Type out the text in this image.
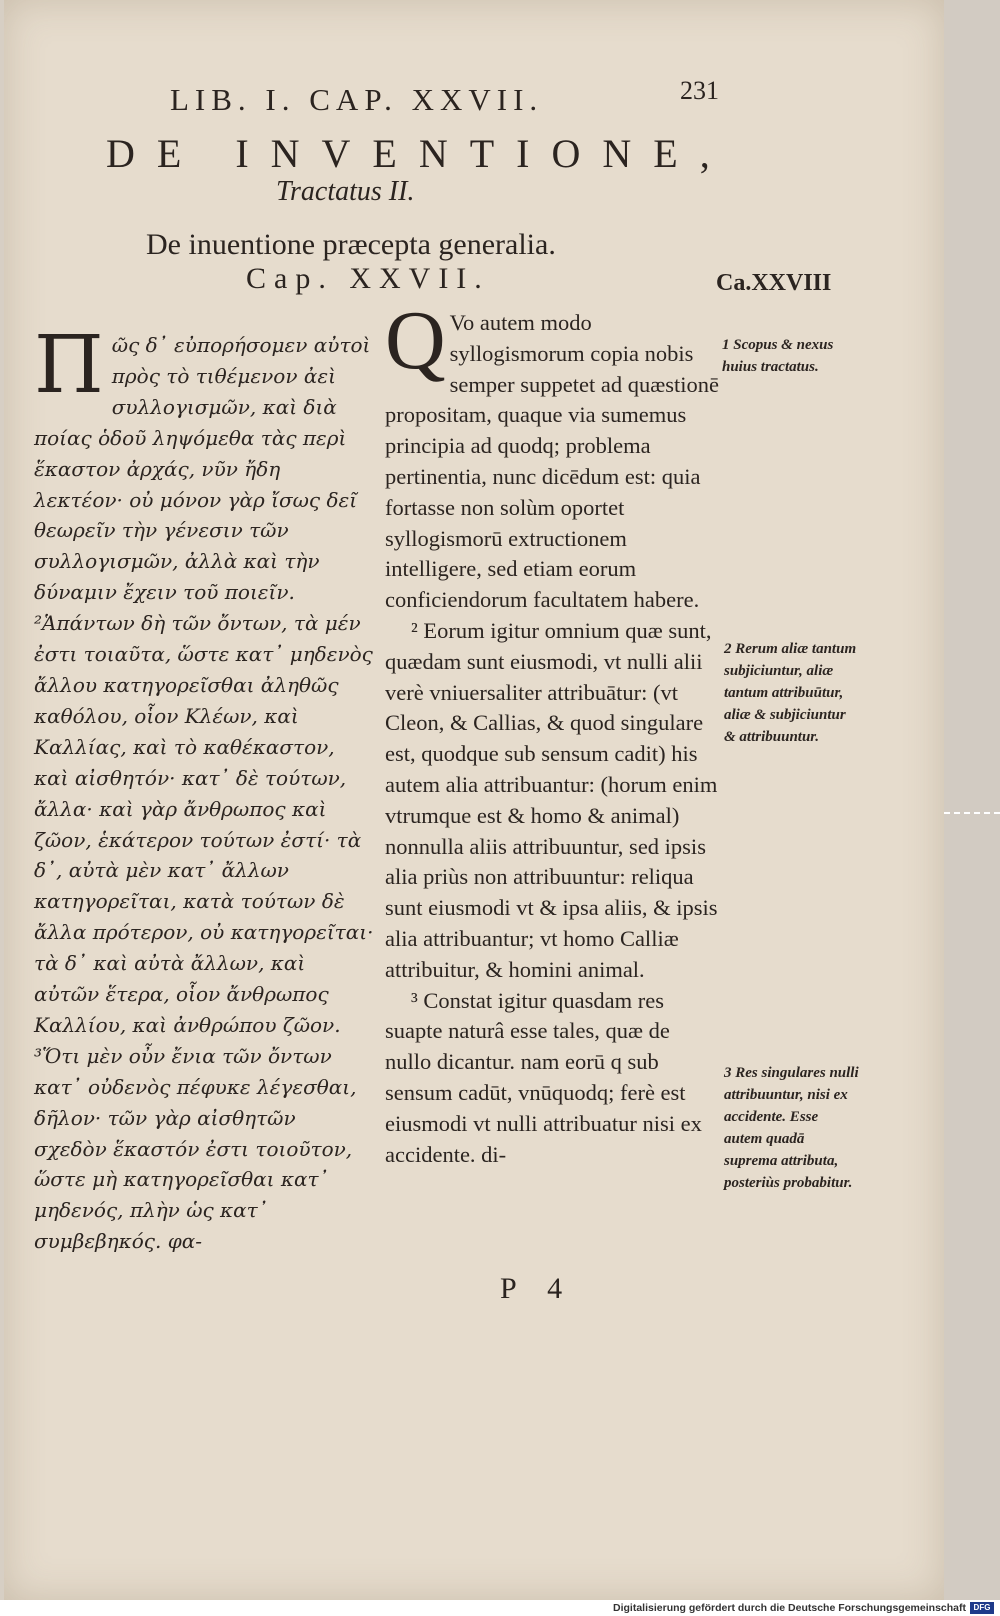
LIB. I. CAP. XXVII.	231
DE INVENTIONE,
Tractatus II.
De inuentione præcepta generalia.
Cap. XXVII.	Ca.XXVIII
Π ῶς δ᾽ εὐπορήσομεν αὐτοὶ πρὸς τὸ τιθέμενον ἀεὶ συλλογισμῶν, καὶ διὰ ποίας ὁδοῦ ληψόμεθα τὰς περὶ ἕκαστον ἀρχάς, νῦν ἤδη λεκτέον· οὐ μόνον γὰρ ἴσως δεῖ θεωρεῖν τὴν γένεσιν τῶν συλλογισμῶν, ἀλλὰ καὶ τὴν δύναμιν ἔχειν τοῦ ποιεῖν. ²Ἁπάντων δὴ τῶν ὄντων, τὰ μέν ἐστι τοιαῦτα, ὥστε κατ᾽ μηδενὸς ἄλλου κατηγορεῖσθαι ἀληθῶς καθόλου, οἷον Κλέων, καὶ Καλλίας, καὶ τὸ καθέκαστον, καὶ αἰσθητόν· κατ᾽ δὲ τούτων, ἄλλα· καὶ γὰρ ἄνθρωπος καὶ ζῶον, ἑκάτερον τούτων ἐστί· τὰ δ᾽, αὐτὰ μὲν κατ᾽ ἄλλων κατηγορεῖται, κατὰ τούτων δὲ ἄλλα πρότερον, οὐ κατηγορεῖται· τὰ δ᾽ καὶ αὐτὰ ἄλλων, καὶ αὐτῶν ἕτερα, οἷον ἄνθρωπος Καλλίου, καὶ ἀνθρώπου ζῶον. ³Ὅτι μὲν οὖν ἔνια τῶν ὄντων κατ᾽ οὐδενὸς πέφυκε λέγεσθαι, δῆλον· τῶν γὰρ αἰσθητῶν σχεδὸν ἕκαστόν ἐστι τοιοῦτον, ὥστε μὴ κατηγορεῖσθαι κατ᾽ μηδενός, πλὴν ὡς κατ᾽ συμβεβηκός. φα-

Q Vo autem modo syllogismorum copia nobis semper suppetet ad quæstionē propositam, quaque via sumemus principia ad quodq; problema pertinentia, nunc dicēdum est: quia fortasse non solùm oportet syllogismorū extructionem intelligere, sed etiam eorum conficiendorum facultatem habere.

² Eorum igitur omnium quæ sunt, quædam sunt eiusmodi, vt nulli alii verè vniuersaliter attribuātur: (vt Cleon, & Callias, & quod singulare est, quodque sub sensum cadit) his autem alia attribuantur: (horum enim vtrumque est & homo & animal) nonnulla aliis attribuuntur, sed ipsis alia priùs non attribuuntur: reliqua sunt eiusmodi vt & ipsa aliis, & ipsis alia attribuantur; vt homo Calliæ attribuitur, & homini animal.

³ Constat igitur quasdam res suapte naturâ esse tales, quæ de nullo dicantur. nam eorū q sub sensum cadūt, vnūquodq; ferè est eiusmodi vt nulli attribuatur nisi ex accidente. di-

1 Scopus & nexus huius tractatus.
2 Rerum aliæ tantum subjiciuntur, aliæ tantum attribuūtur, aliæ & subjiciuntur & attribuuntur.
3 Res singulares nulli attribuuntur, nisi ex accidente. Esse autem quadā suprema attributa, posteriùs probabitur.
P 4
Digitalisierung gefördert durch die Deutsche Forschungsgemeinschaft DFG
